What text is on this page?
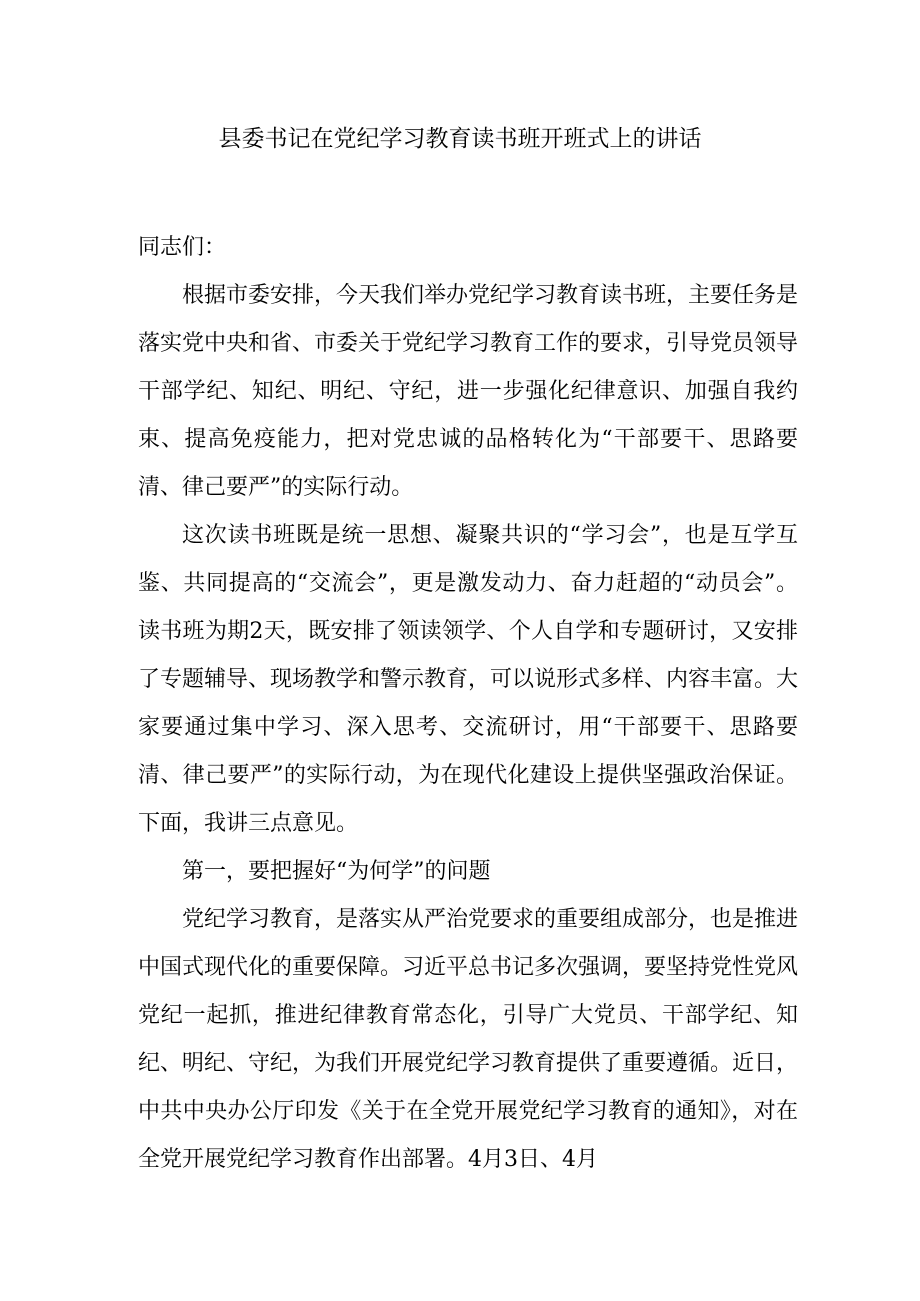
县委书记在党纪学习教育读书班开班式上的讲话

同志们：

根据市委安排，今天我们举办党纪学习教育读书班，主要任务是落实党中央和省、市委关于党纪学习教育工作的要求，引导党员领导干部学纪、知纪、明纪、守纪，进一步强化纪律意识、加强自我约束、提高免疫能力，把对党忠诚的品格转化为“干部要干、思路要清、律己要严”的实际行动。

这次读书班既是统一思想、凝聚共识的“学习会”，也是互学互鉴、共同提高的“交流会”，更是激发动力、奋力赶超的“动员会”。读书班为期2天，既安排了领读领学、个人自学和专题研讨，又安排了专题辅导、现场教学和警示教育，可以说形式多样、内容丰富。大家要通过集中学习、深入思考、交流研讨，用“干部要干、思路要清、律己要严”的实际行动，为在现代化建设上提供坚强政治保证。下面，我讲三点意见。

第一，要把握好“为何学”的问题

党纪学习教育，是落实从严治党要求的重要组成部分，也是推进中国式现代化的重要保障。习近平总书记多次强调，要坚持党性党风党纪一起抓，推进纪律教育常态化，引导广大党员、干部学纪、知纪、明纪、守纪，为我们开展党纪学习教育提供了重要遵循。近日，中共中央办公厅印发《关于在全党开展党纪学习教育的通知》，对在全党开展党纪学习教育作出部署。4月3日、4月
